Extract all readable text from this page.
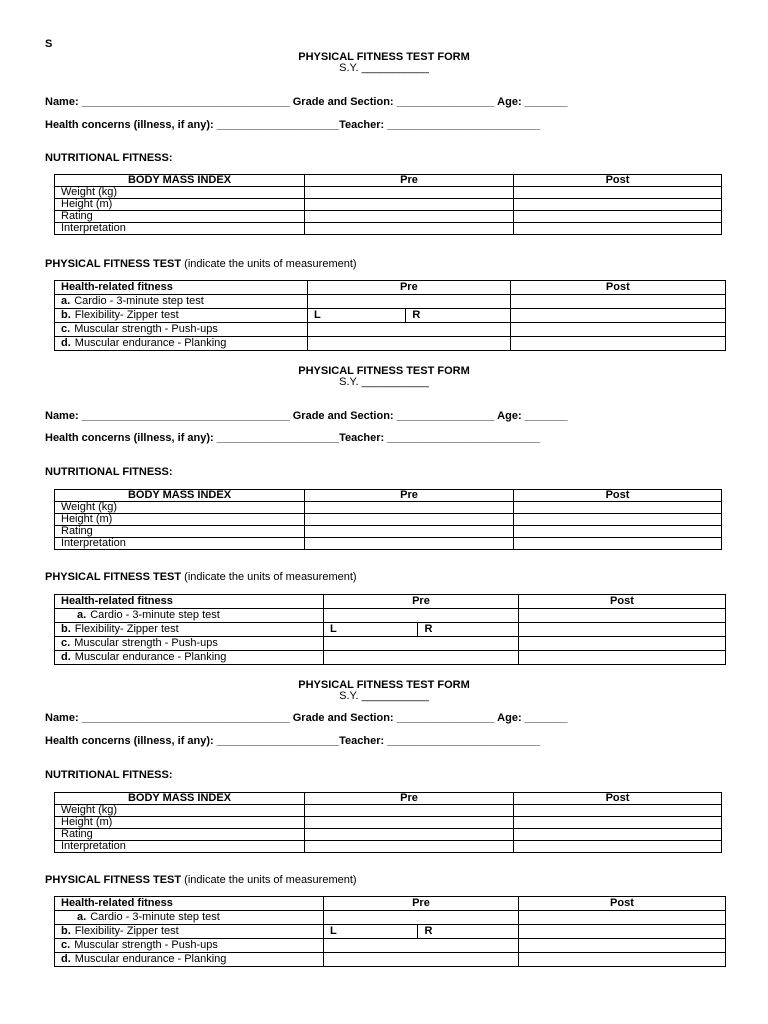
S
PHYSICAL FITNESS TEST FORM
S.Y. ___________
Name: __________________________________ Grade and Section: ________________ Age: _______
Health concerns (illness, if any): ____________________Teacher: _________________________
NUTRITIONAL FITNESS:
BODY MASS INDEX	Pre	Post
Weight (kg)		
Height (m)		
Rating		
Interpretation		
PHYSICAL FITNESS TEST (indicate the units of measurement)
Health-related fitness	Pre	Post
a. Cardio - 3-minute step test		
b. Flexibility- Zipper test	L R	

c. Muscular strength - Push-ups		
d. Muscular endurance - Planking		
PHYSICAL FITNESS TEST FORM
S.Y. ___________
Name: __________________________________ Grade and Section: ________________ Age: _______
Health concerns (illness, if any): ____________________Teacher: _________________________
NUTRITIONAL FITNESS:
BODY MASS INDEX	Pre	Post
Weight (kg)		
Height (m)		
Rating		
Interpretation		
PHYSICAL FITNESS TEST (indicate the units of measurement)
Health-related fitness	Pre	Post
a. Cardio - 3-minute step test		
b. Flexibility- Zipper test	L R	

c. Muscular strength - Push-ups		
d. Muscular endurance - Planking		
PHYSICAL FITNESS TEST FORM
S.Y. ___________
Name: __________________________________ Grade and Section: ________________ Age: _______
Health concerns (illness, if any): ____________________Teacher: _________________________
NUTRITIONAL FITNESS:
BODY MASS INDEX	Pre	Post
Weight (kg)		
Height (m)		
Rating		
Interpretation		
PHYSICAL FITNESS TEST (indicate the units of measurement)
Health-related fitness	Pre	Post
a. Cardio - 3-minute step test		
b. Flexibility- Zipper test	L R	

c. Muscular strength - Push-ups		
d. Muscular endurance - Planking		
